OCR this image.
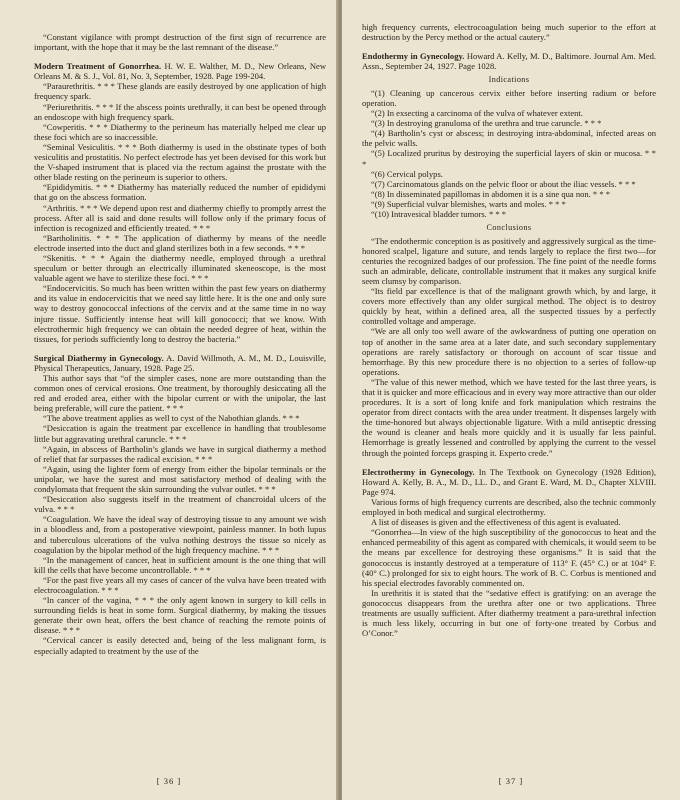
“Constant vigilance with prompt destruction of the first sign of recurrence are important, with the hope that it may be the last remnant of the disease.”

Modern Treatment of Gonorrhea. H. W. E. Walther, M. D., New Orleans, New Orleans M. & S. J., Vol. 81, No. 3, September, 1928. Page 199-204.

“Paraurethritis. * * * These glands are easily destroyed by one application of high frequency spark.

“Periurethritis. * * * If the abscess points urethrally, it can best be opened through an endoscope with high frequency spark.

“Cowperitis. * * * Diathermy to the perineum has materially helped me clear up these foci which are so inaccessible.

“Seminal Vesiculitis. * * * Both diathermy is used in the obstinate types of both vesiculitis and prostatitis. No perfect electrode has yet been devised for this work but the V-shaped instrument that is placed via the rectum against the prostate with the other blade resting on the perineum is superior to others.

“Epididymitis. * * * Diathermy has materially reduced the number of epididymi that go on the abscess formation.

“Arthritis. * * * We depend upon rest and diathermy chiefly to promptly arrest the process. After all is said and done results will follow only if the primary focus of infection is recognized and efficiently treated. * * *

“Bartholinitis. * * * The application of diathermy by means of the needle electrode inserted into the duct and gland sterilizes both in a few seconds. * * *

“Skenitis. * * * Again the diathermy needle, employed through a urethral speculum or better through an electrically illuminated skeneoscope, is the most valuable agent we have to sterilize these foci. * * *

“Endocervicitis. So much has been written within the past few years on diathermy and its value in endocervicitis that we need say little here. It is the one and only sure way to destroy gonococcal infections of the cervix and at the same time in no way injure tissue. Sufficiently intense heat will kill gonococci; that we know. With electrothermic high frequency we can obtain the needed degree of heat, within the tissues, for periods sufficiently long to destroy the bacteria.”

Surgical Diathermy in Gynecology. A. David Willmoth, A. M., M. D., Louisville, Physical Therapeutics, January, 1928. Page 25.

This author says that “of the simpler cases, none are more outstanding than the common ones of cervical erosions. One treatment, by thoroughly desiccating all the red and eroded area, either with the bipolar current or with the unipolar, the last being preferable, will cure the patient. * * *

“The above treatment applies as well to cyst of the Nabothian glands. * * *

“Desiccation is again the treatment par excellence in handling that troublesome little but aggravating urethral caruncle. * * *

“Again, in abscess of Bartholin’s glands we have in surgical diathermy a method of relief that far surpasses the radical excision. * * *

“Again, using the lighter form of energy from either the bipolar terminals or the unipolar, we have the surest and most satisfactory method of dealing with the condylomata that frequent the skin surrounding the vulvar outlet. * * *

“Desiccation also suggests itself in the treatment of chancroidal ulcers of the vulva. * * *

“Coagulation. We have the ideal way of destroying tissue to any amount we wish in a bloodless and, from a postoperative viewpoint, painless manner. In both lupus and tuberculous ulcerations of the vulva nothing destroys the tissue so nicely as coagulation by the bipolar method of the high frequency machine. * * *

“In the management of cancer, heat in sufficient amount is the one thing that will kill the cells that have become uncontrollable. * * *

“For the past five years all my cases of cancer of the vulva have been treated with electrocoagulation. * * *

“In cancer of the vagina, * * * the only agent known in surgery to kill cells in surrounding fields is heat in some form. Surgical diathermy, by making the tissues generate their own heat, offers the best chance of reaching the remote points of disease. * * *

“Cervical cancer is easily detected and, being of the less malignant form, is especially adapted to treatment by the use of the

[ 36 ]

high frequency currents, electrocoagulation being much superior to the effort at destruction by the Percy method or the actual cautery.”

Endothermy in Gynecology. Howard A. Kelly, M. D., Baltimore. Journal Am. Med. Assn., September 24, 1927. Page 1028.
Indications

“(1) Cleaning up cancerous cervix either before inserting radium or before operation.

“(2) In exsecting a carcinoma of the vulva of whatever extent.

“(3) In destroying granuloma of the urethra and true caruncle. * * *

“(4) Bartholin’s cyst or abscess; in destroying intra-abdominal, infected areas on the pelvic walls.

“(5) Localized pruritus by destroying the superficial layers of skin or mucosa. * * *

“(6) Cervical polyps.

“(7) Carcinomatous glands on the pelvic floor or about the iliac vessels. * * *

“(8) In disseminated papillomas in abdomen it is a sine qua non. * * *

“(9) Superficial vulvar blemishes, warts and moles. * * *

“(10) Intravesical bladder tumors. * * *

Conclusions

“The endothermic conception is as positively and aggressively surgical as the time-honored scalpel, ligature and suture, and tends largely to replace the first two—for centuries the recognized badges of our profession. The fine point of the needle forms such an admirable, delicate, controllable instrument that it makes any surgical knife seem clumsy by comparison.

“Its field par excellence is that of the malignant growth which, by and large, it covers more effectively than any older surgical method. The object is to destroy quickly by heat, within a defined area, all the suspected tissues by a perfectly controlled voltage and amperage.

“We are all only too well aware of the awkwardness of putting one operation on top of another in the same area at a later date, and such secondary supplementary operations are rarely satisfactory or thorough on account of scar tissue and hemorrhage. By this new procedure there is no objection to a series of follow-up operations.

“The value of this newer method, which we have tested for the last three years, is that it is quicker and more efficacious and in every way more attractive than our older procedures. It is a sort of long knife and fork manipulation which restrains the operator from direct contacts with the area under treatment. It dispenses largely with the time-honored but always objectionable ligature. With a mild antiseptic dressing the wound is cleaner and heals more quickly and it is usually far less painful. Hemorrhage is greatly lessened and controlled by applying the current to the vessel through the pointed forceps grasping it. Experto crede.”

Electrothermy in Gynecology. In The Textbook on Gynecology (1928 Edition), Howard A. Kelly, B. A., M. D., LL. D., and Grant E. Ward, M. D., Chapter XLVIII. Page 974.

Various forms of high frequency currents are described, also the technic commonly employed in both medical and surgical electrothermy.

A list of diseases is given and the effectiveness of this agent is evaluated.

“Gonorrhea—In view of the high susceptibility of the gonococcus to heat and the enhanced permeability of this agent as compared with chemicals, it would seem to be the means par excellence for destroying these organisms.” It is said that the gonococcus is instantly destroyed at a temperature of 113° F. (45° C.) or at 104° F. (40° C.) prolonged for six to eight hours. The work of B. C. Corbus is mentioned and his special electrodes favorably commented on.

In urethritis it is stated that the “sedative effect is gratifying: on an average the gonococcus disappears from the urethra after one or two applications. Three treatments are usually sufficient. After diathermy treatment a para-urethral infection is much less likely, occurring in but one of forty-one treated by Corbus and O’Conor.”

[ 37 ]
